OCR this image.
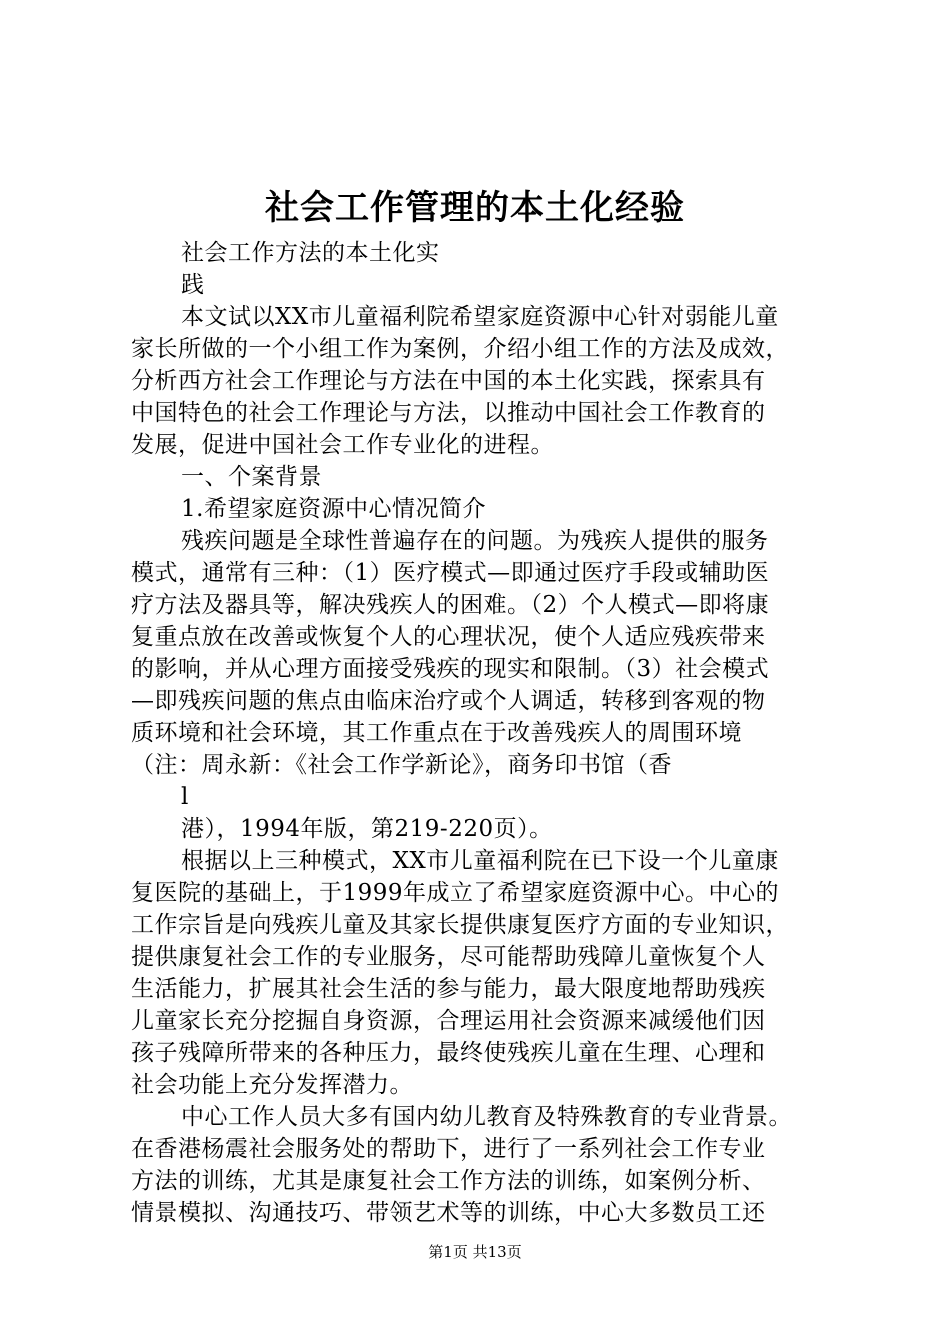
社会工作管理的本土化经验
社会工作方法的本土化实
践
本文试以XX市儿童福利院希望家庭资源中心针对弱能儿童
家长所做的一个小组工作为案例，介绍小组工作的方法及成效，
分析西方社会工作理论与方法在中国的本土化实践，探索具有
中国特色的社会工作理论与方法，以推动中国社会工作教育的
发展，促进中国社会工作专业化的进程。
一、个案背景
1.希望家庭资源中心情况简介
残疾问题是全球性普遍存在的问题。为残疾人提供的服务
模式，通常有三种：（1）医疗模式—即通过医疗手段或辅助医
疗方法及器具等，解决残疾人的困难。（2）个人模式—即将康
复重点放在改善或恢复个人的心理状况，使个人适应残疾带来
的影响，并从心理方面接受残疾的现实和限制。（3）社会模式
—即残疾问题的焦点由临床治疗或个人调适，转移到客观的物
质环境和社会环境，其工作重点在于改善残疾人的周围环境
（注：周永新：《社会工作学新论》，商务印书馆（香
l
港），1994年版，第219-220页）。
根据以上三种模式，XX市儿童福利院在已下设一个儿童康
复医院的基础上，于1999年成立了希望家庭资源中心。中心的
工作宗旨是向残疾儿童及其家长提供康复医疗方面的专业知识，
提供康复社会工作的专业服务，尽可能帮助残障儿童恢复个人
生活能力，扩展其社会生活的参与能力，最大限度地帮助残疾
儿童家长充分挖掘自身资源，合理运用社会资源来减缓他们因
孩子残障所带来的各种压力，最终使残疾儿童在生理、心理和
社会功能上充分发挥潜力。
中心工作人员大多有国内幼儿教育及特殊教育的专业背景。
在香港杨震社会服务处的帮助下，进行了一系列社会工作专业
方法的训练，尤其是康复社会工作方法的训练，如案例分析、
情景模拟、沟通技巧、带领艺术等的训练，中心大多数员工还
第1页 共13页
